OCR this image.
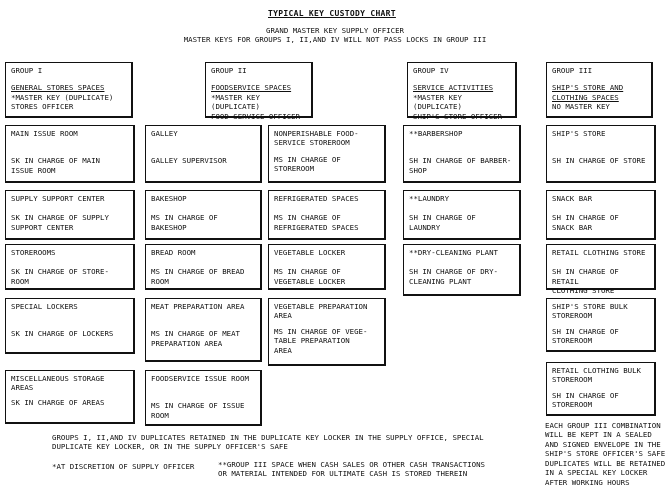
TYPICAL KEY CUSTODY CHART
GRAND MASTER KEY SUPPLY OFFICER
MASTER KEYS FOR GROUPS I, II,AND IV WILL NOT PASS LOCKS IN GROUP III
GROUP I
GENERAL STORES SPACES
*MASTER KEY (DUPLICATE)
STORES OFFICER
GROUP II
FOODSERVICE SPACES
*MASTER KEY (DUPLICATE)
FOOD SERVICE OFFICER
GROUP IV
SERVICE ACTIVITIES
*MASTER KEY (DUPLICATE)
SHIP'S STORE OFFICER
GROUP III
SHIP'S STORE AND
CLOTHING SPACES
NO MASTER KEY
MAIN ISSUE ROOM
SK IN CHARGE OF MAIN
ISSUE ROOM
SUPPLY SUPPORT CENTER
SK IN CHARGE OF SUPPLY
SUPPORT CENTER
STOREROOMS
SK IN CHARGE OF STORE-
ROOM
SPECIAL LOCKERS
SK IN CHARGE OF LOCKERS
MISCELLANEOUS STORAGE
AREAS
SK IN CHARGE OF AREAS
GALLEY
GALLEY SUPERVISOR
BAKESHOP
MS IN CHARGE OF
BAKESHOP
BREAD ROOM
MS IN CHARGE OF BREAD
ROOM
MEAT PREPARATION AREA
MS IN CHARGE OF MEAT
PREPARATION AREA
FOODSERVICE ISSUE ROOM
MS IN CHARGE OF ISSUE
ROOM
NONPERISHABLE FOOD-
SERVICE STOREROOM
MS IN CHARGE OF
STOREROOM
REFRIGERATED SPACES
MS IN CHARGE OF
REFRIGERATED SPACES
VEGETABLE LOCKER
MS IN CHARGE OF
VEGETABLE LOCKER
VEGETABLE PREPARATION
AREA
MS IN CHARGE OF VEGE-
TABLE PREPARATION
AREA
**BARBERSHOP
SH IN CHARGE OF BARBER-
SHOP
**LAUNDRY
SH IN CHARGE OF
LAUNDRY
**DRY-CLEANING PLANT
SH IN CHARGE OF DRY-
CLEANING PLANT
SHIP'S STORE
SH IN CHARGE OF STORE
SNACK BAR
SH IN CHARGE OF
SNACK BAR
RETAIL CLOTHING STORE
SH IN CHARGE OF RETAIL
CLOTHING STORE
SHIP'S STORE BULK
STOREROOM
SH IN CHARGE OF
STOREROOM
RETAIL CLOTHING BULK
STOREROOM
SH IN CHARGE OF
STOREROOM
GROUPS I, II,AND IV DUPLICATES RETAINED IN THE DUPLICATE KEY LOCKER IN THE SUPPLY OFFICE, SPECIAL
DUPLICATE KEY LOCKER, OR IN THE SUPPLY OFFICER'S SAFE
*AT DISCRETION OF SUPPLY OFFICER	**GROUP III SPACE WHEN CASH SALES OR OTHER CASH TRANSACTIONS
OR MATERIAL INTENDED FOR ULTIMATE CASH IS STORED THEREIN
EACH GROUP III COMBINATION
WILL BE KEPT IN A SEALED
AND SIGNED ENVELOPE IN THE
SHIP'S STORE OFFICER'S SAFE
DUPLICATES WILL BE RETAINED
IN A SPECIAL KEY LOCKER
AFTER WORKING HOURS
